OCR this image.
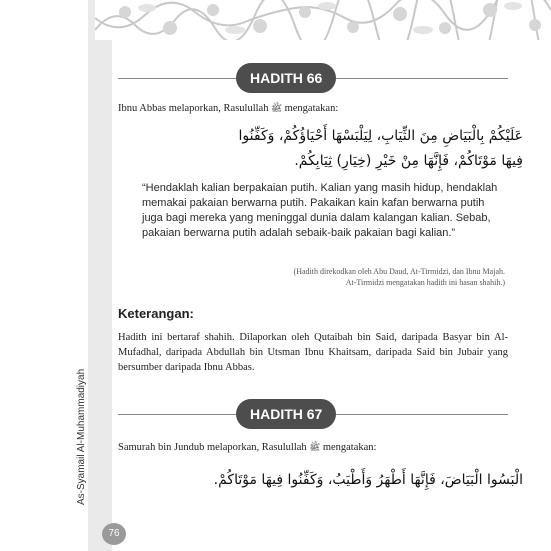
As-Syamail Al-Muhammadiyah
76
HADITH 66
Ibnu Abbas melaporkan, Rasulullah ﷺ mengatakan:
عَلَيْكُمْ بِالْبَيَاضِ مِنَ الثِّيَابِ، لِيَلْبَسْهَا أَحْيَاؤُكُمْ، وَكَفِّنُوا
فِيهَا مَوْتَاكُمْ، فَإِنَّهَا مِنْ خَيْرِ (خِيَارِ) ثِيَابِكُمْ.
“Hendaklah kalian berpakaian putih. Kalian yang masih hidup, hendaklah memakai pakaian berwarna putih. Pakaikan kain kafan berwarna putih juga bagi mereka yang meninggal dunia dalam kalangan kalian. Sebab, pakaian berwarna putih adalah sebaik-baik pakaian bagi kalian.”
(Hadith direkodkan oleh Abu Daud, At-Tirmidzi, dan Ibnu Majah.
At-Tirmidzi mengatakan hadith ini hasan shahih.)
Keterangan:
Hadith ini bertaraf shahih. Dilaporkan oleh Qutaibah bin Said, daripada Basyar bin Al-Mufadhal, daripada Abdullah bin Utsman Ibnu Khaitsam, daripada Said bin Jubair yang bersumber daripada Ibnu Abbas.
HADITH 67
Samurah bin Jundub melaporkan, Rasulullah ﷺ mengatakan:
الْبَسُوا الْبَيَاضَ، فَإِنَّهَا أَطْهَرُ وَأَطْيَبُ، وَكَفِّنُوا فِيهَا مَوْتَاكُمْ.
